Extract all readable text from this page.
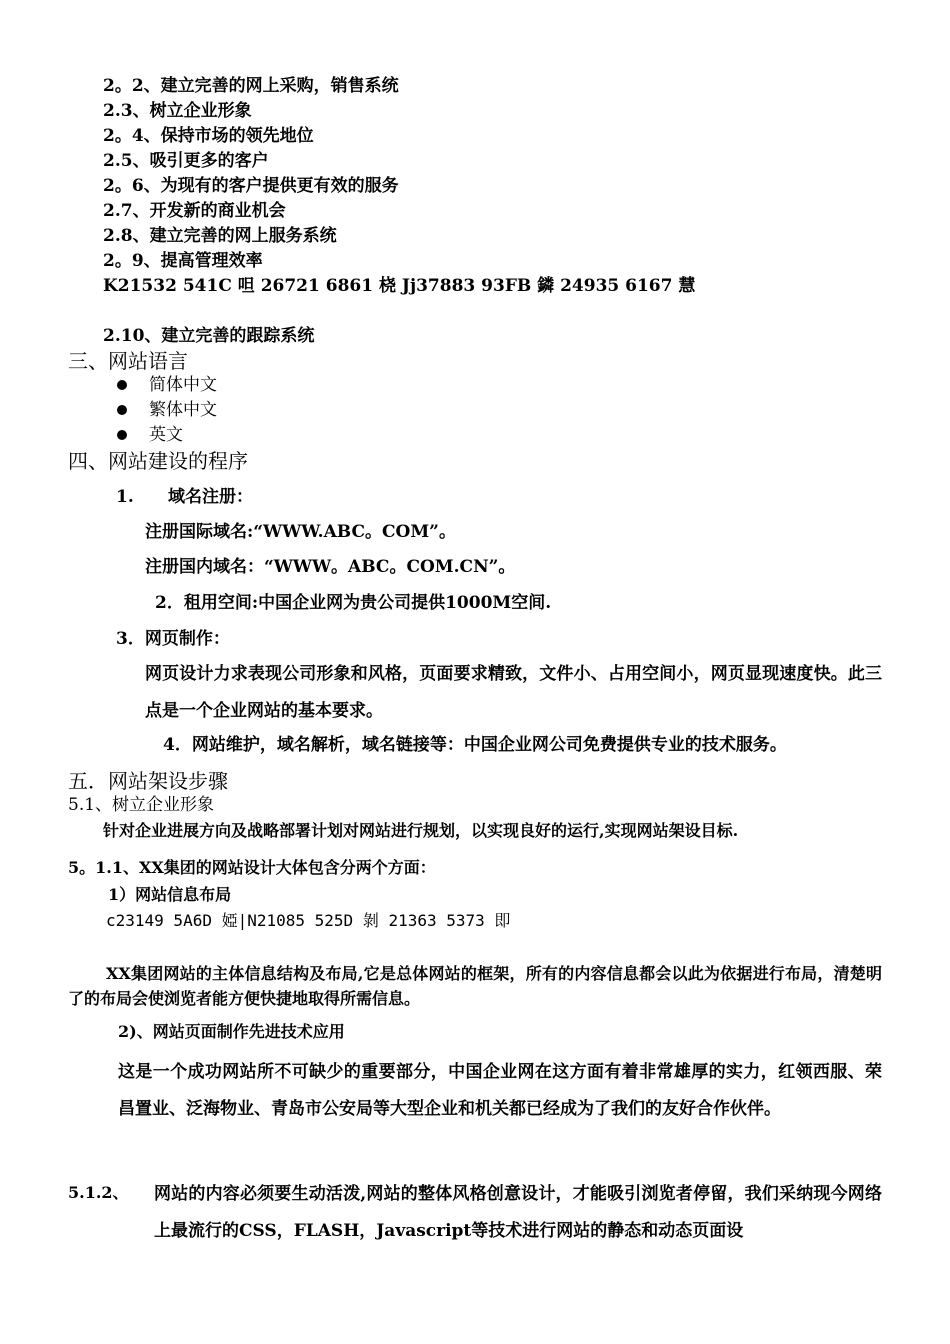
2。2、建立完善的网上采购，销售系统
2.3、树立企业形象
2。4、保持市场的领先地位
2.5、吸引更多的客户
2。6、为现有的客户提供更有效的服务
2.7、开发新的商业机会
2.8、建立完善的网上服务系统
2。9、提高管理效率
K21532 541C 呾 26721 6861 桡 Jj37883 93FB 鏻 24935 6167 慧
2.10、建立完善的跟踪系统
三、网站语言
简体中文
繁体中文
英文
四、网站建设的程序
1. 域名注册：
注册国际域名:“WWW.ABC。COM”。
注册国内域名：“WWW。ABC。COM.CN”。
2．租用空间:中国企业网为贵公司提供1000M空间.
3．网页制作：
网页设计力求表现公司形象和风格，页面要求精致，文件小、占用空间小，网页显现速度快。此三点是一个企业网站的基本要求。
4．网站维护，域名解析，域名链接等：中国企业网公司免费提供专业的技术服务。
五．网站架设步骤
5.1、树立企业形象
针对企业进展方向及战略部署计划对网站进行规划，以实现良好的运行,实现网站架设目标.
5。1.1、XX集团的网站设计大体包含分两个方面：
1）网站信息布局
c23149 5A6D 婭|N21085 525D 剝 21363 5373 即
XX集团网站的主体信息结构及布局,它是总体网站的框架，所有的内容信息都会以此为依据进行布局，清楚明了的布局会使浏览者能方便快捷地取得所需信息。
2)、网站页面制作先进技术应用
这是一个成功网站所不可缺少的重要部分，中国企业网在这方面有着非常雄厚的实力，红领西服、荣昌置业、泛海物业、青岛市公安局等大型企业和机关都已经成为了我们的友好合作伙伴。
5.1.2、 网站的内容必须要生动活泼,网站的整体风格创意设计，才能吸引浏览者停留，我们采纳现今网络上最流行的CSS，FLASH，Javascript等技术进行网站的静态和动态页面设
